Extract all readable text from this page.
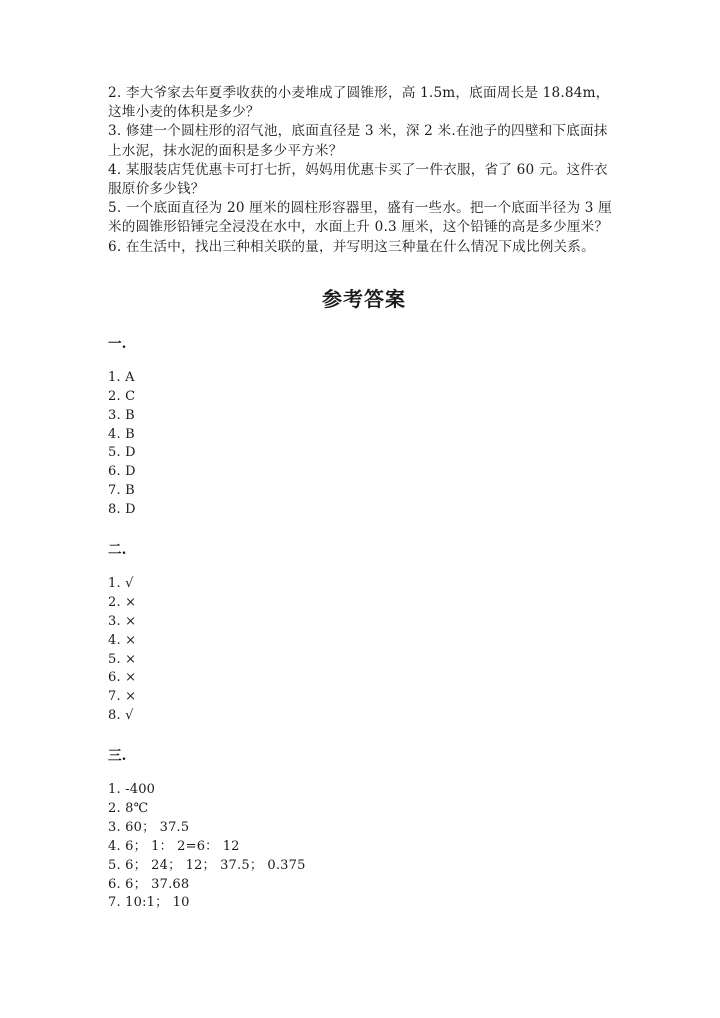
2. 李大爷家去年夏季收获的小麦堆成了圆锥形，高 1.5m，底面周长是 18.84m，这堆小麦的体积是多少？

3. 修建一个圆柱形的沼气池，底面直径是 3 米，深 2 米.在池子的四壁和下底面抹上水泥，抹水泥的面积是多少平方米？

4. 某服装店凭优惠卡可打七折，妈妈用优惠卡买了一件衣服，省了 60 元。这件衣服原价多少钱？

5. 一个底面直径为 20 厘米的圆柱形容器里，盛有一些水。把一个底面半径为 3 厘米的圆锥形铅锤完全浸没在水中，水面上升 0.3 厘米，这个铅锤的高是多少厘米？

6. 在生活中，找出三种相关联的量，并写明这三种量在什么情况下成比例关系。

参考答案
一.
1. A
2. C
3. B
4. B
5. D
6. D
7. B
8. D
二.
1. √
2. ×
3. ×
4. ×
5. ×
6. ×
7. ×
8. √
三.
1. -400
2. 8℃
3. 60； 37.5
4. 6； 1： 2=6： 12
5. 6； 24； 12； 37.5； 0.375
6. 6； 37.68
7. 10:1； 10
